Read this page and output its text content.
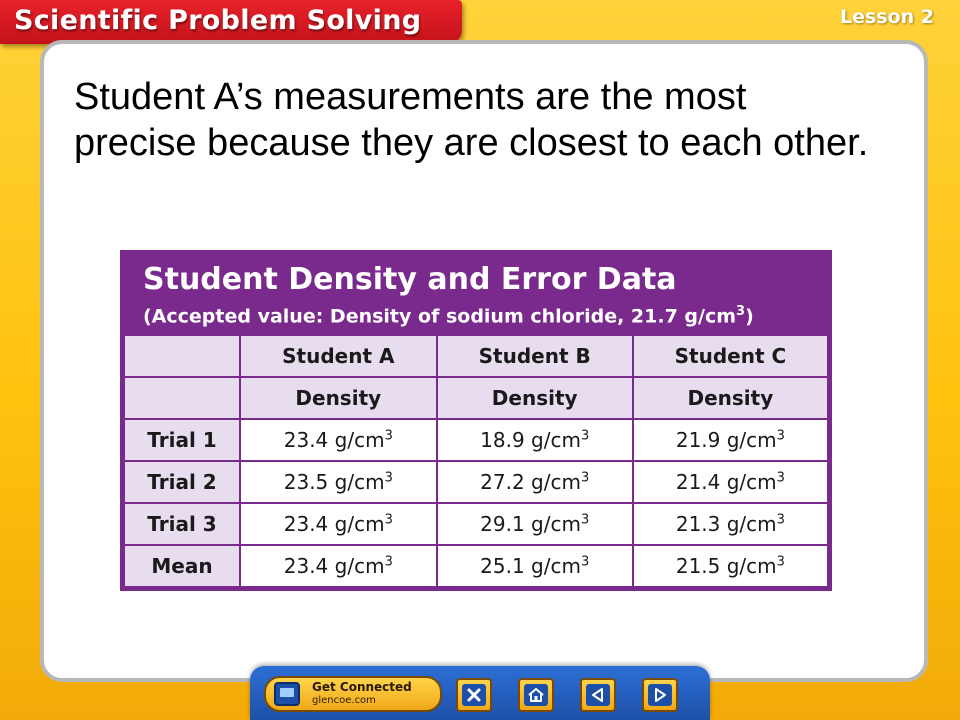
Scientific Problem Solving	Lesson 2

Student A’s measurements are the most precise because they are closest to each other.

Student Density and Error Data
(Accepted value: Density of sodium chloride, 21.7 $g/cm^3$)
	Student A	Student B	Student C
	Density	Density	Density
Trial 1	23.4 $g/cm^3$	18.9 $g/cm^3$	21.9 $g/cm^3$
Trial 2	23.5 $g/cm^3$	27.2 $g/cm^3$	21.4 $g/cm^3$
Trial 3	23.4 $g/cm^3$	29.1 $g/cm^3$	21.3 $g/cm^3$
Mean	23.4 $g/cm^3$	25.1 $g/cm^3$	21.5 $g/cm^3$
Get Connected
glencoe.com
